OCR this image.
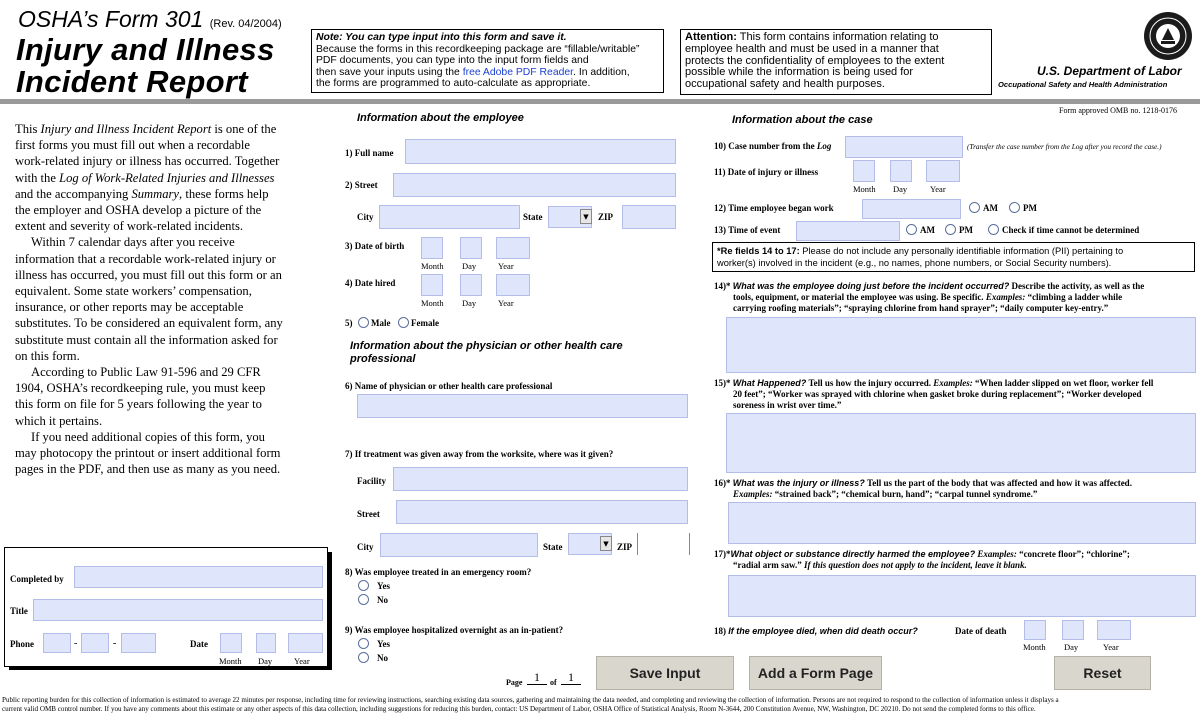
OSHA’s Form 301 (Rev. 04/2004)
Injury and Illness
Incident Report
Note: You can type input into this form and save it.
Because the forms in this recordkeeping package are “fillable/writable”
PDF documents, you can type into the input form fields and
then save your inputs using the free Adobe PDF Reader. In addition,
the forms are programmed to auto-calculate as appropriate.
Attention: This form contains information relating to
employee health and must be used in a manner that
protects the confidentiality of employees to the extent
possible while the information is being used for
occupational safety and health purposes.
U.S. Department of Labor
Occupational Safety and Health Administration
Form approved OMB no. 1218-0176
This Injury and Illness Incident Report is one of the
first forms you must fill out when a recordable
work-related injury or illness has occurred. Together
with the Log of Work-Related Injuries and Illnesses
and the accompanying Summary, these forms help
the employer and OSHA develop a picture of the
extent and severity of work-related incidents.
Within 7 calendar days after you receive
information that a recordable work-related injury or
illness has occurred, you must fill out this form or an
equivalent. Some state workers’ compensation,
insurance, or other reports may be acceptable
substitutes. To be considered an equivalent form, any
substitute must contain all the information asked for
on this form.
According to Public Law 91-596 and 29 CFR
1904, OSHA’s recordkeeping rule, you must keep
this form on file for 5 years following the year to
which it pertains.
If you need additional copies of this form, you
may photocopy the printout or insert additional form
pages in the PDF, and then use as many as you need.
Completed by
Title
Phone	-	-	Date
Month Day	Year
Information about the employee
1) Full name
2) Street
City	State	▼	ZIP
3) Date of birth
Month Day	Year
4) Date hired
Month Day	Year
5) Male Female
Information about the physician or other health care
professional
6) Name of physician or other health care professional
7) If treatment was given away from the worksite, where was it given?
Facility
Street
City	State	▼ ZIP
8) Was employee treated in an emergency room?
Yes
No
9) Was employee hospitalized overnight as an in-patient?
Yes
No
Page 1	of 1	Save Input	Add a Form Page	Reset
Information about the case
10) Case number from the Log	(Transfer the case number from the Log after you record the case.)
11) Date of injury or illness
Month Day	Year
12) Time employee began work	AM	PM
13) Time of event	AM	PM	Check if time cannot be determined
*Re fields 14 to 17: Please do not include any personally identifiable information (PII) pertaining to
worker(s) involved in the incident (e.g., no names, phone numbers, or Social Security numbers).
14)* What was the employee doing just before the incident occurred? Describe the activity, as well as the
tools, equipment, or material the employee was using. Be specific. Examples: “climbing a ladder while
carrying roofing materials”; “spraying chlorine from hand sprayer”; “daily computer key-entry.”
15)* What Happened? Tell us how the injury occurred. Examples: “When ladder slipped on wet floor, worker fell
20 feet”; “Worker was sprayed with chlorine when gasket broke during replacement”; “Worker developed
soreness in wrist over time.”
16)* What was the injury or illness? Tell us the part of the body that was affected and how it was affected.
Examples: “strained back”; “chemical burn, hand”; “carpal tunnel syndrome.”
17)*What object or substance directly harmed the employee? Examples: “concrete floor”; “chlorine”;
“radial arm saw.” If this question does not apply to the incident, leave it blank.
18) If the employee died, when did death occur?	Date of death
Month Day	Year
Public reporting burden for this collection of information is estimated to average 22 minutes per response, including time for reviewing instructions, searching existing data sources, gathering and maintaining the data needed, and completing and reviewing the collection of information. Persons are not required to respond to the collection of information unless it displays a
current valid OMB control number. If you have any comments about this estimate or any other aspects of this data collection, including suggestions for reducing this burden, contact: US Department of Labor, OSHA Office of Statistical Analysis, Room N-3644, 200 Constitution Avenue, NW, Washington, DC 20210. Do not send the completed forms to this office.
